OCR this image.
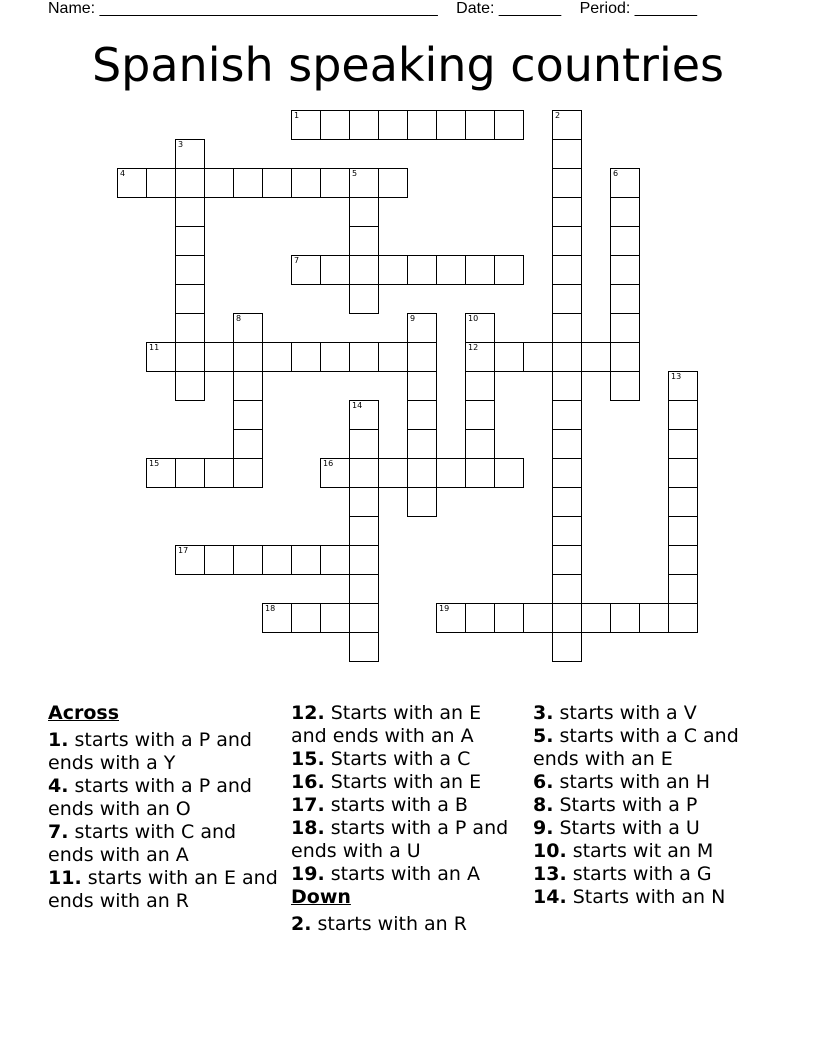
Name: ______________________________________ Date: _______ Period: _______
Spanish speaking countries
1	2
3
4	5	6
7
8	9	10
12
11
13
14
15	16
17
18	19
Across
1. starts with a P and ends with a Y
4. starts with a P and ends with an O
7. starts with C and ends with an A
11. starts with an E and ends with an R
12. Starts with an E and ends with an A
15. Starts with a C
16. Starts with an E
17. starts with a B
18. starts with a P and ends with a U
19. starts with an A
Down
2. starts with an R
3. starts with a V
5. starts with a C and ends with an E
6. starts with an H
8. Starts with a P
9. Starts with a U
10. starts wit an M
13. starts with a G
14. Starts with an N
